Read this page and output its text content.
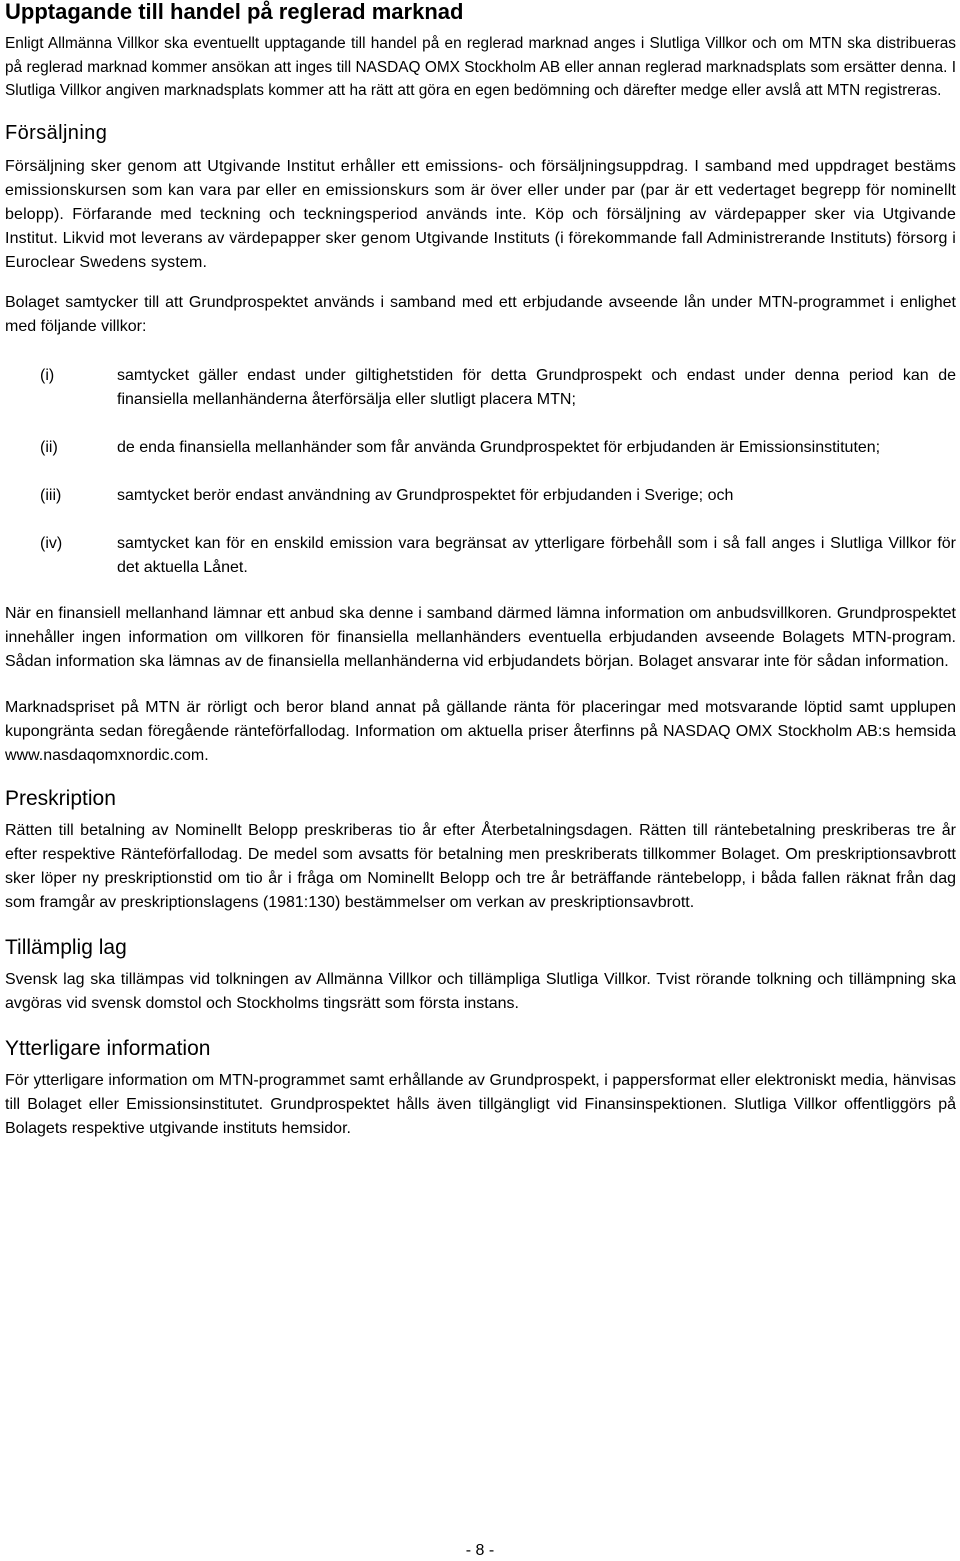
Upptagande till handel på reglerad marknad

Enligt Allmänna Villkor ska eventuellt upptagande till handel på en reglerad marknad anges i Slutliga Villkor och om MTN ska distribueras på reglerad marknad kommer ansökan att inges till NASDAQ OMX Stockholm AB eller annan reglerad marknadsplats som ersätter denna. I Slutliga Villkor angiven marknadsplats kommer att ha rätt att göra en egen bedömning och därefter medge eller avslå att MTN registreras.

Försäljning

Försäljning sker genom att Utgivande Institut erhåller ett emissions- och försäljningsuppdrag. I samband med uppdraget bestäms emissionskursen som kan vara par eller en emissionskurs som är över eller under par (par är ett vedertaget begrepp för nominellt belopp). Förfarande med teckning och teckningsperiod används inte. Köp och försäljning av värdepapper sker via Utgivande Institut. Likvid mot leverans av värdepapper sker genom Utgivande Instituts (i förekommande fall Administrerande Instituts) försorg i Euroclear Swedens system.

Bolaget samtycker till att Grundprospektet används i samband med ett erbjudande avseende lån under MTN-programmet i enlighet med följande villkor:

(i)	samtycket gäller endast under giltighetstiden för detta Grundprospekt och endast under denna period kan de finansiella mellanhänderna återförsälja eller slutligt placera MTN;
(ii)	de enda finansiella mellanhänder som får använda Grundprospektet för erbjudanden är Emissionsinstituten;
(iii)	samtycket berör endast användning av Grundprospektet för erbjudanden i Sverige; och
(iv)	samtycket kan för en enskild emission vara begränsat av ytterligare förbehåll som i så fall anges i Slutliga Villkor för det aktuella Lånet.

När en finansiell mellanhand lämnar ett anbud ska denne i samband därmed lämna information om anbudsvillkoren. Grundprospektet innehåller ingen information om villkoren för finansiella mellanhänders eventuella erbjudanden avseende Bolagets MTN-program. Sådan information ska lämnas av de finansiella mellanhänderna vid erbjudandets början. Bolaget ansvarar inte för sådan information.

Marknadspriset på MTN är rörligt och beror bland annat på gällande ränta för placeringar med motsvarande löptid samt upplupen kupongränta sedan föregående ränteförfallodag. Information om aktuella priser återfinns på NASDAQ OMX Stockholm AB:s hemsida www.nasdaqomxnordic.com.

Preskription

Rätten till betalning av Nominellt Belopp preskriberas tio år efter Återbetalningsdagen. Rätten till räntebetalning preskriberas tre år efter respektive Ränteförfallodag. De medel som avsatts för betalning men preskriberats tillkommer Bolaget. Om preskriptionsavbrott sker löper ny preskriptionstid om tio år i fråga om Nominellt Belopp och tre år beträffande räntebelopp, i båda fallen räknat från dag som framgår av preskriptionslagens (1981:130) bestämmelser om verkan av preskriptionsavbrott.

Tillämplig lag

Svensk lag ska tillämpas vid tolkningen av Allmänna Villkor och tillämpliga Slutliga Villkor. Tvist rörande tolkning och tillämpning ska avgöras vid svensk domstol och Stockholms tingsrätt som första instans.

Ytterligare information

För ytterligare information om MTN-programmet samt erhållande av Grundprospekt, i pappersformat eller elektroniskt media, hänvisas till Bolaget eller Emissionsinstitutet. Grundprospektet hålls även tillgängligt vid Finansinspektionen. Slutliga Villkor offentliggörs på Bolagets respektive utgivande instituts hemsidor.

- 8 -
